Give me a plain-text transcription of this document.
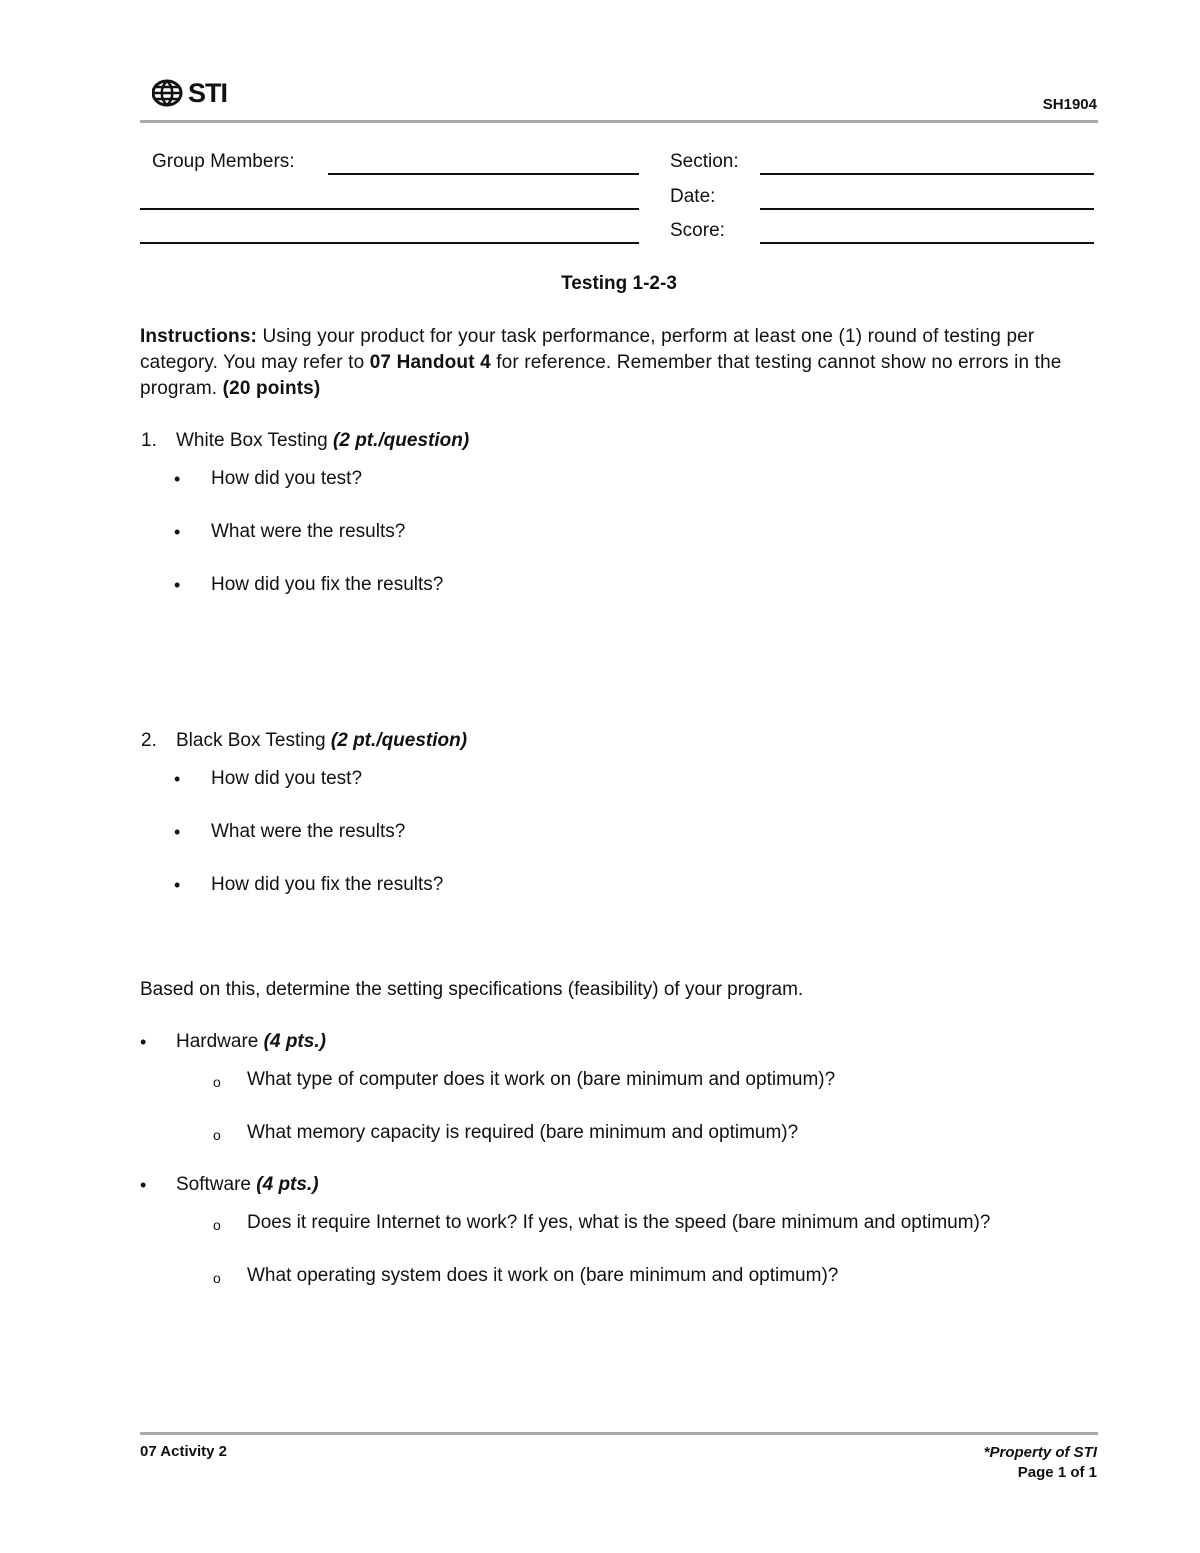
STI	SH1904
Group Members:	Section:
Date:
Score:
Testing 1-2-3
Instructions: Using your product for your task performance, perform at least one (1) round of testing per category. You may refer to 07 Handout 4 for reference. Remember that testing cannot show no errors in the program. (20 points)
1. White Box Testing (2 pt./question)
• How did you test?
• What were the results?
• How did you fix the results?
2. Black Box Testing (2 pt./question)
• How did you test?
• What were the results?
• How did you fix the results?
Based on this, determine the setting specifications (feasibility) of your program.
• Hardware (4 pts.)
o What type of computer does it work on (bare minimum and optimum)?
o What memory capacity is required (bare minimum and optimum)?
• Software (4 pts.)
o Does it require Internet to work? If yes, what is the speed (bare minimum and optimum)?
o What operating system does it work on (bare minimum and optimum)?
07 Activity 2	*Property of STI
Page 1 of 1
